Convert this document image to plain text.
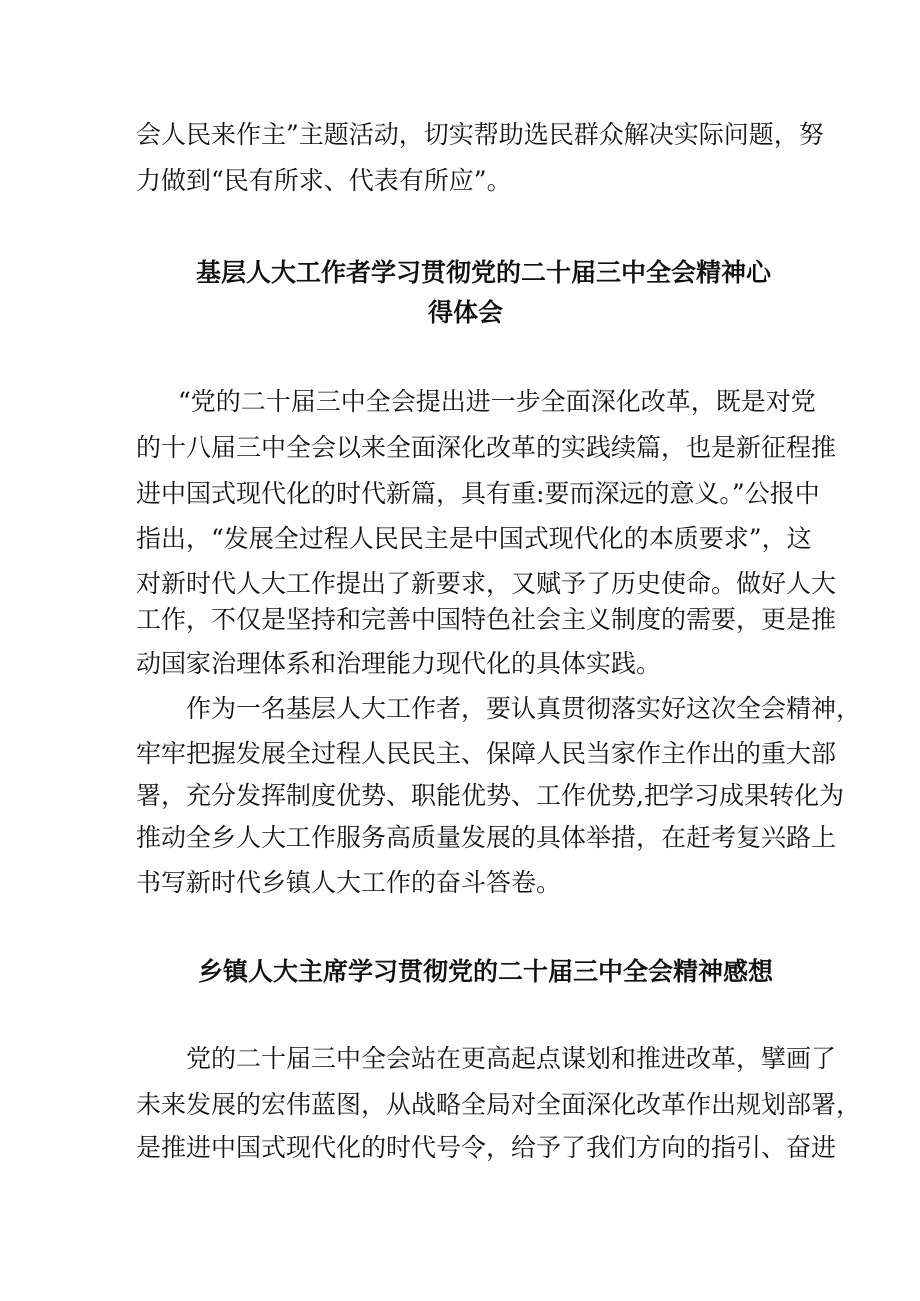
会人民来作主”主题活动，切实帮助选民群众解决实际问题，努
力做到“民有所求、代表有所应”。
基层人大工作者学习贯彻党的二十届三中全会精神心
得体会
“党的二十届三中全会提出进一步全面深化改革，既是对党
的十八届三中全会以来全面深化改革的实践续篇，也是新征程推
进中国式现代化的时代新篇，具有重:要而深远的意义。”公报中
指出，“发展全过程人民民主是中国式现代化的本质要求”，这
对新时代人大工作提出了新要求，又赋予了历史使命。做好人大
工作，不仅是坚持和完善中国特色社会主义制度的需要，更是推
动国家治理体系和治理能力现代化的具体实践。
作为一名基层人大工作者，要认真贯彻落实好这次全会精神，
牢牢把握发展全过程人民民主、保障人民当家作主作出的重大部
署，充分发挥制度优势、职能优势、工作优势,把学习成果转化为
推动全乡人大工作服务高质量发展的具体举措，在赶考复兴路上
书写新时代乡镇人大工作的奋斗答卷。
乡镇人大主席学习贯彻党的二十届三中全会精神感想
党的二十届三中全会站在更高起点谋划和推进改革，擘画了
未来发展的宏伟蓝图，从战略全局对全面深化改革作出规划部署，
是推进中国式现代化的时代号令，给予了我们方向的指引、奋进
